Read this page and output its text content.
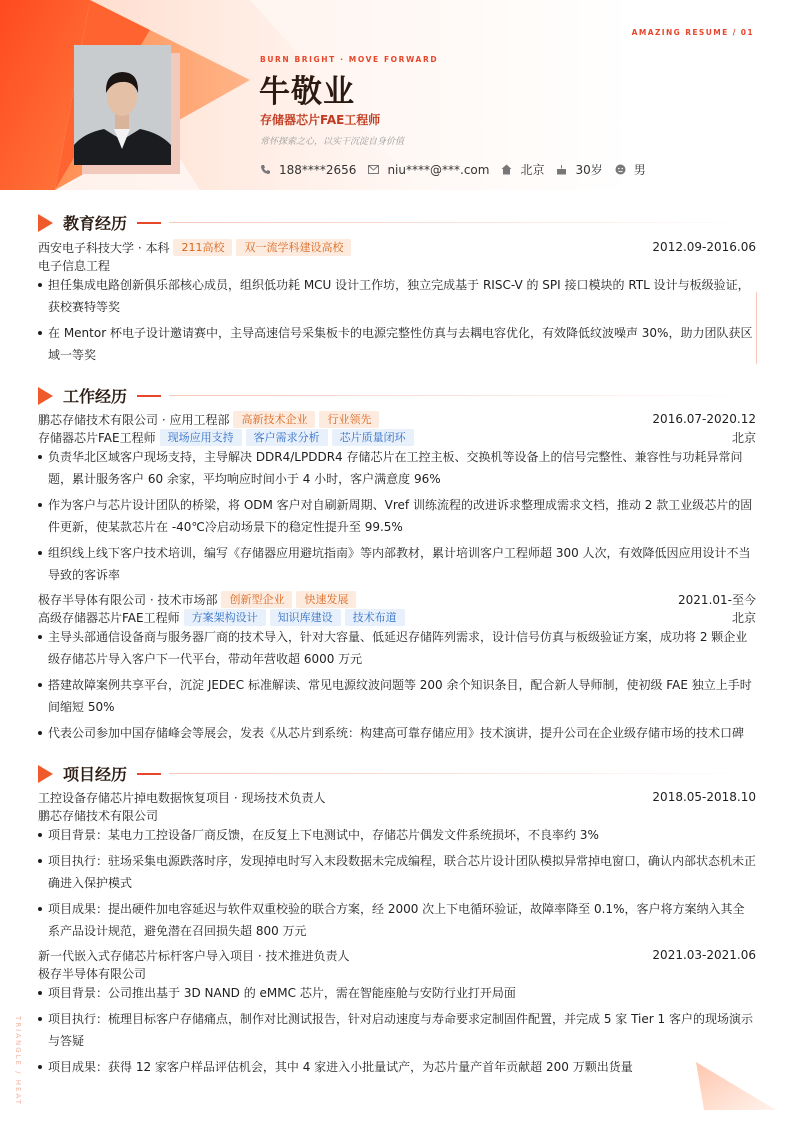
AMAZING RESUME / 01
BURN BRIGHT · MOVE FORWARD
牛敬业
存储器芯片FAE工程师
常怀探索之心，以实干沉淀自身价值
188****2656	niu****@***.com	北京	30岁	男
教育经历
西安电子科技大学 · 本科	211高校	双一流学科建设高校	2012.09-2016.06
电子信息工程
担任集成电路创新俱乐部核心成员，组织低功耗 MCU 设计工作坊，独立完成基于 RISC-V 的 SPI 接口模块的 RTL 设计与板级验证，获校赛特等奖
在 Mentor 杯电子设计邀请赛中，主导高速信号采集板卡的电源完整性仿真与去耦电容优化，有效降低纹波噪声 30%，助力团队获区域一等奖
工作经历
鹏芯存储技术有限公司 · 应用工程部	高新技术企业	行业领先	2016.07-2020.12
存储器芯片FAE工程师	现场应用支持	客户需求分析	芯片质量闭环	北京
负责华北区域客户现场支持，主导解决 DDR4/LPDDR4 存储芯片在工控主板、交换机等设备上的信号完整性、兼容性与功耗异常问题，累计服务客户 60 余家，平均响应时间小于 4 小时，客户满意度 96%
作为客户与芯片设计团队的桥梁，将 ODM 客户对自刷新周期、Vref 训练流程的改进诉求整理成需求文档，推动 2 款工业级芯片的固件更新，使某款芯片在 -40℃冷启动场景下的稳定性提升至 99.5%
组织线上线下客户技术培训，编写《存储器应用避坑指南》等内部教材，累计培训客户工程师超 300 人次，有效降低因应用设计不当导致的客诉率
极存半导体有限公司 · 技术市场部	创新型企业	快速发展	2021.01-至今
高级存储器芯片FAE工程师	方案架构设计	知识库建设	技术布道	北京
主导头部通信设备商与服务器厂商的技术导入，针对大容量、低延迟存储阵列需求，设计信号仿真与板级验证方案，成功将 2 颗企业级存储芯片导入客户下一代平台，带动年营收超 6000 万元
搭建故障案例共享平台，沉淀 JEDEC 标准解读、常见电源纹波问题等 200 余个知识条目，配合新人导师制，使初级 FAE 独立上手时间缩短 50%
代表公司参加中国存储峰会等展会，发表《从芯片到系统：构建高可靠存储应用》技术演讲，提升公司在企业级存储市场的技术口碑
项目经历
工控设备存储芯片掉电数据恢复项目 · 现场技术负责人	2018.05-2018.10
鹏芯存储技术有限公司
项目背景：某电力工控设备厂商反馈，在反复上下电测试中，存储芯片偶发文件系统损坏，不良率约 3%
项目执行：驻场采集电源跌落时序，发现掉电时写入末段数据未完成编程，联合芯片设计团队模拟异常掉电窗口，确认内部状态机未正确进入保护模式
项目成果：提出硬件加电容延迟与软件双重校验的联合方案，经 2000 次上下电循环验证，故障率降至 0.1%，客户将方案纳入其全系产品设计规范，避免潜在召回损失超 800 万元
新一代嵌入式存储芯片标杆客户导入项目 · 技术推进负责人	2021.03-2021.06
极存半导体有限公司
项目背景：公司推出基于 3D NAND 的 eMMC 芯片，需在智能座舱与安防行业打开局面
项目执行：梳理目标客户存储痛点，制作对比测试报告，针对启动速度与寿命要求定制固件配置，并完成 5 家 Tier 1 客户的现场演示与答疑
项目成果：获得 12 家客户样品评估机会，其中 4 家进入小批量试产，为芯片量产首年贡献超 200 万颗出货量
TRIANGLE / HEAT
